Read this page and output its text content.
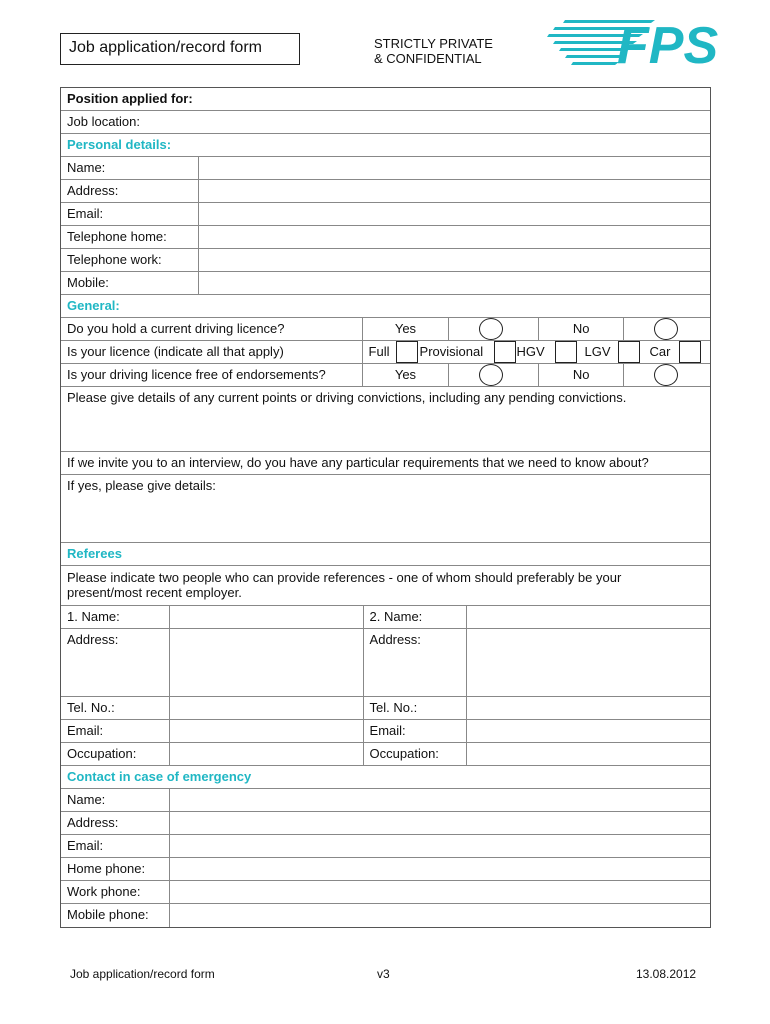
Job application/record form	STRICTLY PRIVATE
& CONFIDENTIAL	FPS
Position applied for:
Job location:
Personal details:
Name:
Address:
Email:
Telephone home:
Telephone work:
Mobile:
General:
Do you hold a current driving licence?	Yes	No
Is your licence (indicate all that apply)	Full Provisional	HGV	LGV	Car
Is your driving licence free of endorsements?	Yes	No
Please give details of any current points or driving convictions, including any pending convictions.
If we invite you to an interview, do you have any particular requirements that we need to know about?
If yes, please give details:
Referees
Please indicate two people who can provide references - one of whom should preferably be your
present/most recent employer.
1. Name:	2. Name:
Address:	Address:
Tel. No.:	Tel. No.:
Email:	Email:
Occupation:	Occupation:
Contact in case of emergency
Name:
Address:
Email:
Home phone:
Work phone:
Mobile phone:
Job application/record form	v3	13.08.2012
